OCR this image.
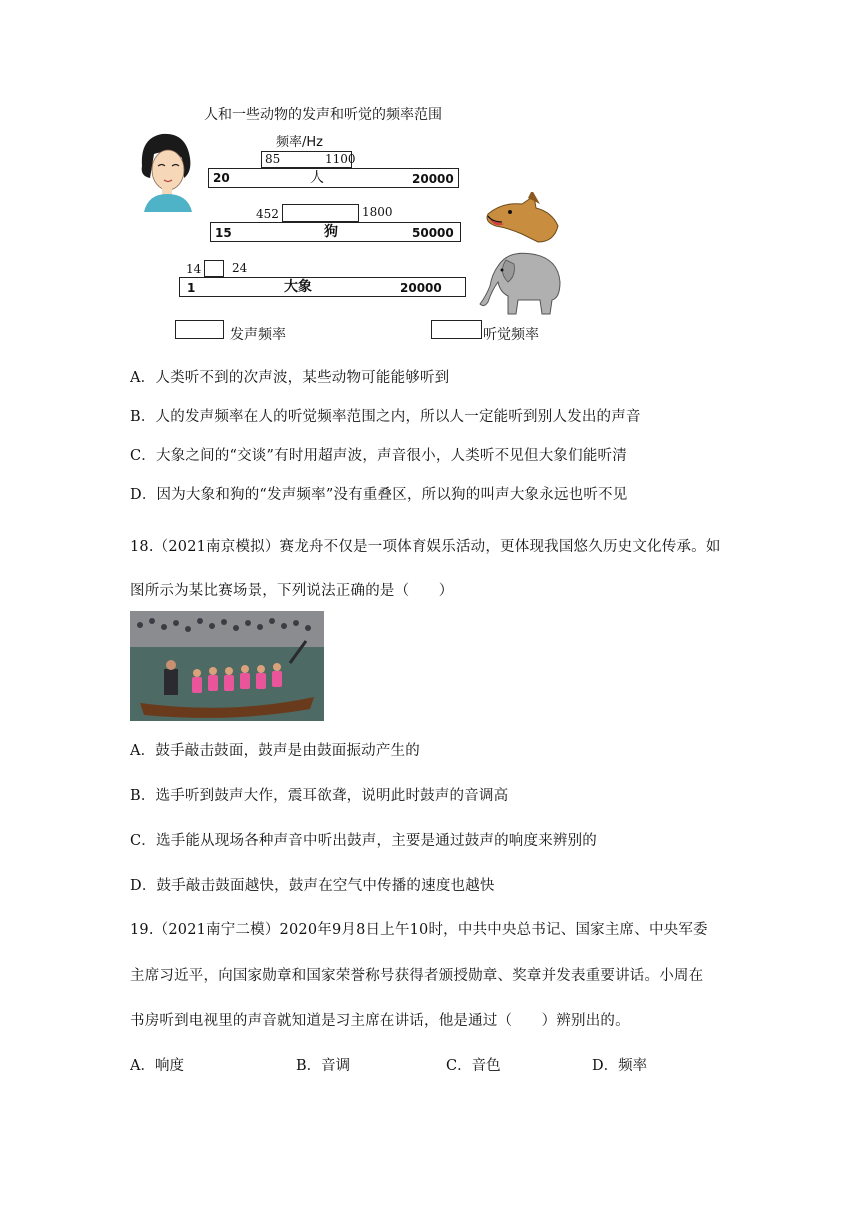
人和一些动物的发声和听觉的频率范围
频率/Hz
85	1100
20	人	20000
452	1800
15	狗	50000
14	24
1	大象	20000
发声频率	听觉频率
A．人类听不到的次声波，某些动物可能能够听到
B．人的发声频率在人的听觉频率范围之内，所以人一定能听到别人发出的声音
C．大象之间的“交谈”有时用超声波，声音很小，人类听不见但大象们能听清
D．因为大象和狗的“发声频率”没有重叠区，所以狗的叫声大象永远也听不见
18.（2021南京模拟）赛龙舟不仅是一项体育娱乐活动，更体现我国悠久历史文化传承。如
图所示为某比赛场景，下列说法正确的是（　　）
A．鼓手敲击鼓面，鼓声是由鼓面振动产生的
B．选手听到鼓声大作，震耳欲聋，说明此时鼓声的音调高
C．选手能从现场各种声音中听出鼓声，主要是通过鼓声的响度来辨别的
D．鼓手敲击鼓面越快，鼓声在空气中传播的速度也越快
19.（2021南宁二模）2020年9月8日上午10时，中共中央总书记、国家主席、中央军委
主席习近平，向国家勋章和国家荣誉称号获得者颁授勋章、奖章并发表重要讲话。小周在
书房听到电视里的声音就知道是习主席在讲话，他是通过（　　）辨别出的。
A．响度	B．音调	C．音色	D．频率
